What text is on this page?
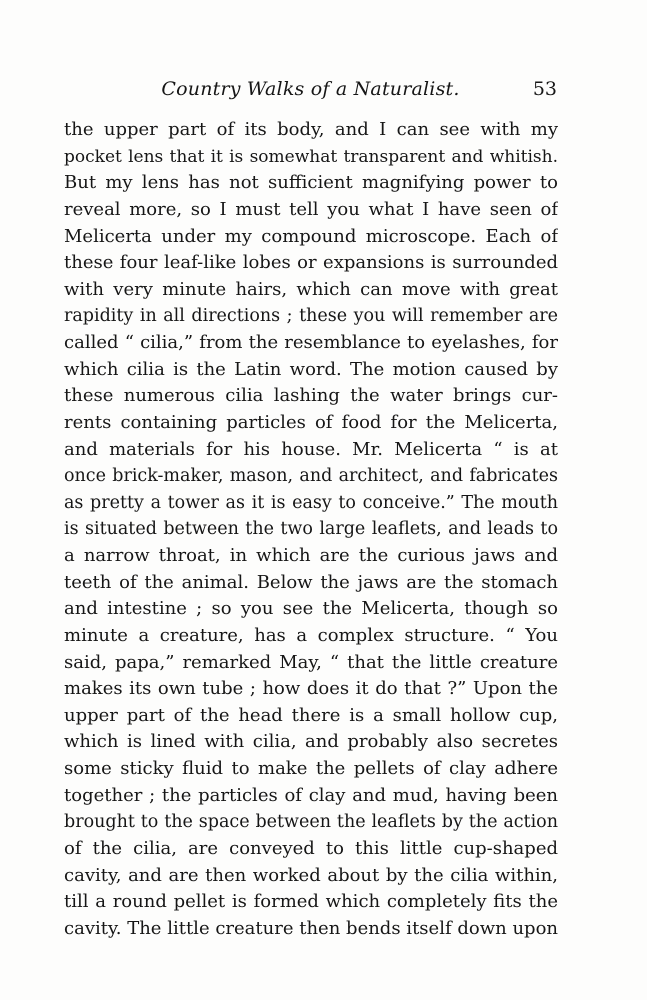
Country Walks of a Naturalist.	53
the upper part of its body, and I can see with my
pocket lens that it is somewhat transparent and whitish.
But my lens has not sufficient magnifying power to
reveal more, so I must tell you what I have seen of
Melicerta under my compound microscope. Each of
these four leaf-like lobes or expansions is surrounded
with very minute hairs, which can move with great
rapidity in all directions ; these you will remember are
called “ cilia,” from the resemblance to eyelashes, for
which cilia is the Latin word. The motion caused by
these numerous cilia lashing the water brings cur-
rents containing particles of food for the Melicerta,
and materials for his house. Mr. Melicerta “ is at
once brick-maker, mason, and architect, and fabricates
as pretty a tower as it is easy to conceive.” The mouth
is situated between the two large leaflets, and leads to
a narrow throat, in which are the curious jaws and
teeth of the animal. Below the jaws are the stomach
and intestine ; so you see the Melicerta, though so
minute a creature, has a complex structure. “ You
said, papa,” remarked May, “ that the little creature
makes its own tube ; how does it do that ?” Upon the
upper part of the head there is a small hollow cup,
which is lined with cilia, and probably also secretes
some sticky fluid to make the pellets of clay adhere
together ; the particles of clay and mud, having been
brought to the space between the leaflets by the action
of the cilia, are conveyed to this little cup-shaped
cavity, and are then worked about by the cilia within,
till a round pellet is formed which completely fits the
cavity. The little creature then bends itself down upon
